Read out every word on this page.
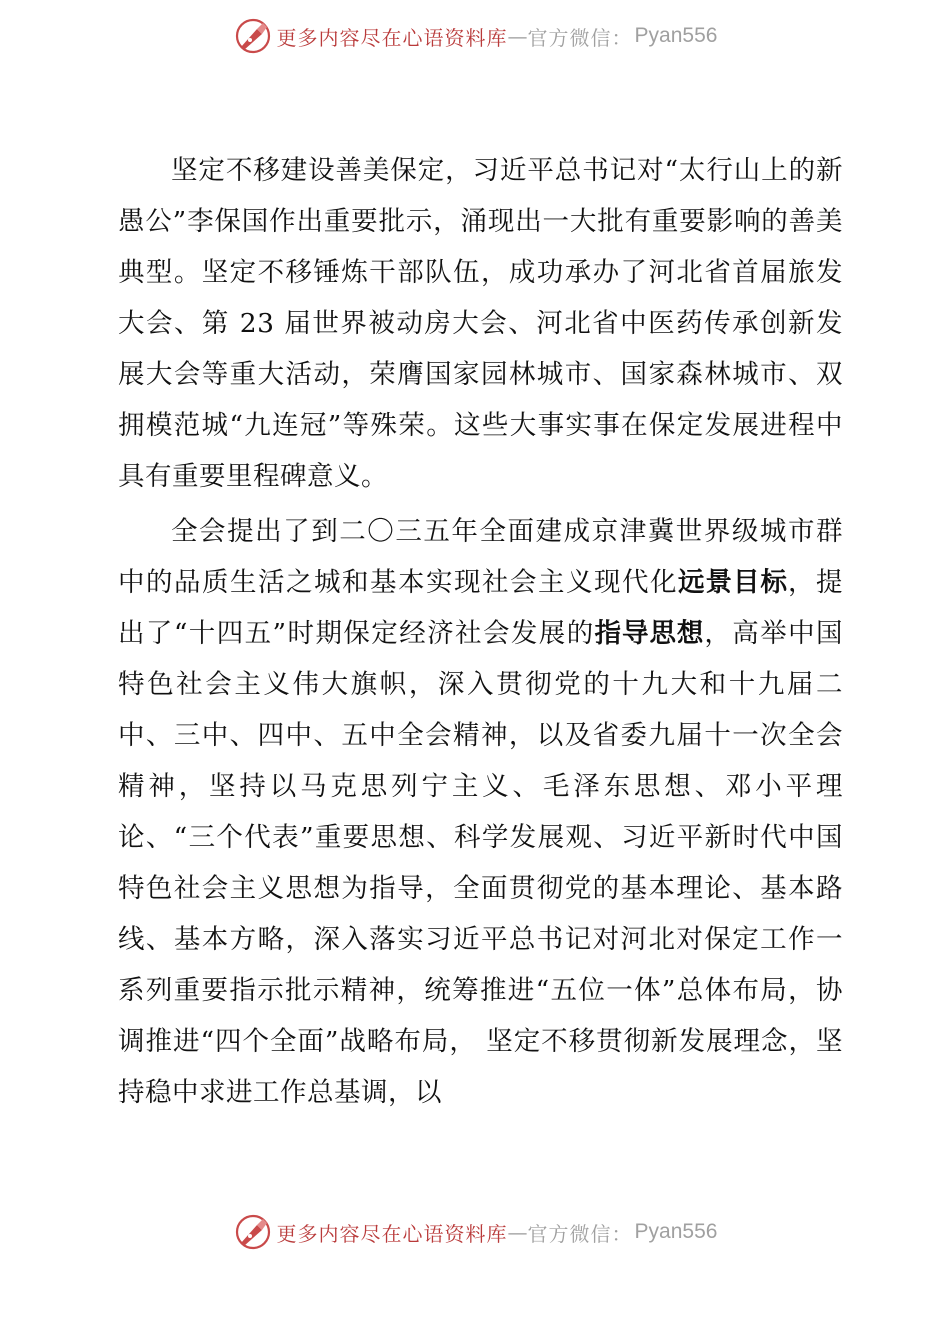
更多内容尽在心语资料库 — 官方微信： Pyan556

坚定不移建设善美保定，习近平总书记对“太行山上的新愚公”李保国作出重要批示，涌现出一大批有重要影响的善美典型。坚定不移锤炼干部队伍，成功承办了河北省首届旅发大会、第 23 届世界被动房大会、河北省中医药传承创新发展大会等重大活动，荣膺国家园林城市、国家森林城市、双拥模范城“九连冠”等殊荣。这些大事实事在保定发展进程中具有重要里程碑意义。

全会提出了到二〇三五年全面建成京津冀世界级城市群中的品质生活之城和基本实现社会主义现代化远景目标，提出了“十四五”时期保定经济社会发展的指导思想，高举中国特色社会主义伟大旗帜，深入贯彻党的十九大和十九届二中、三中、四中、五中全会精神，以及省委九届十一次全会精神，坚持以马克思列宁主义、毛泽东思想、邓小平理论、“三个代表”重要思想、科学发展观、习近平新时代中国特色社会主义思想为指导，全面贯彻党的基本理论、基本路线、基本方略，深入落实习近平总书记对河北对保定工作一系列重要指示批示精神，统筹推进“五位一体”总体布局，协调推进“四个全面”战略布局， 坚定不移贯彻新发展理念，坚持稳中求进工作总基调，以

更多内容尽在心语资料库 — 官方微信： Pyan556
